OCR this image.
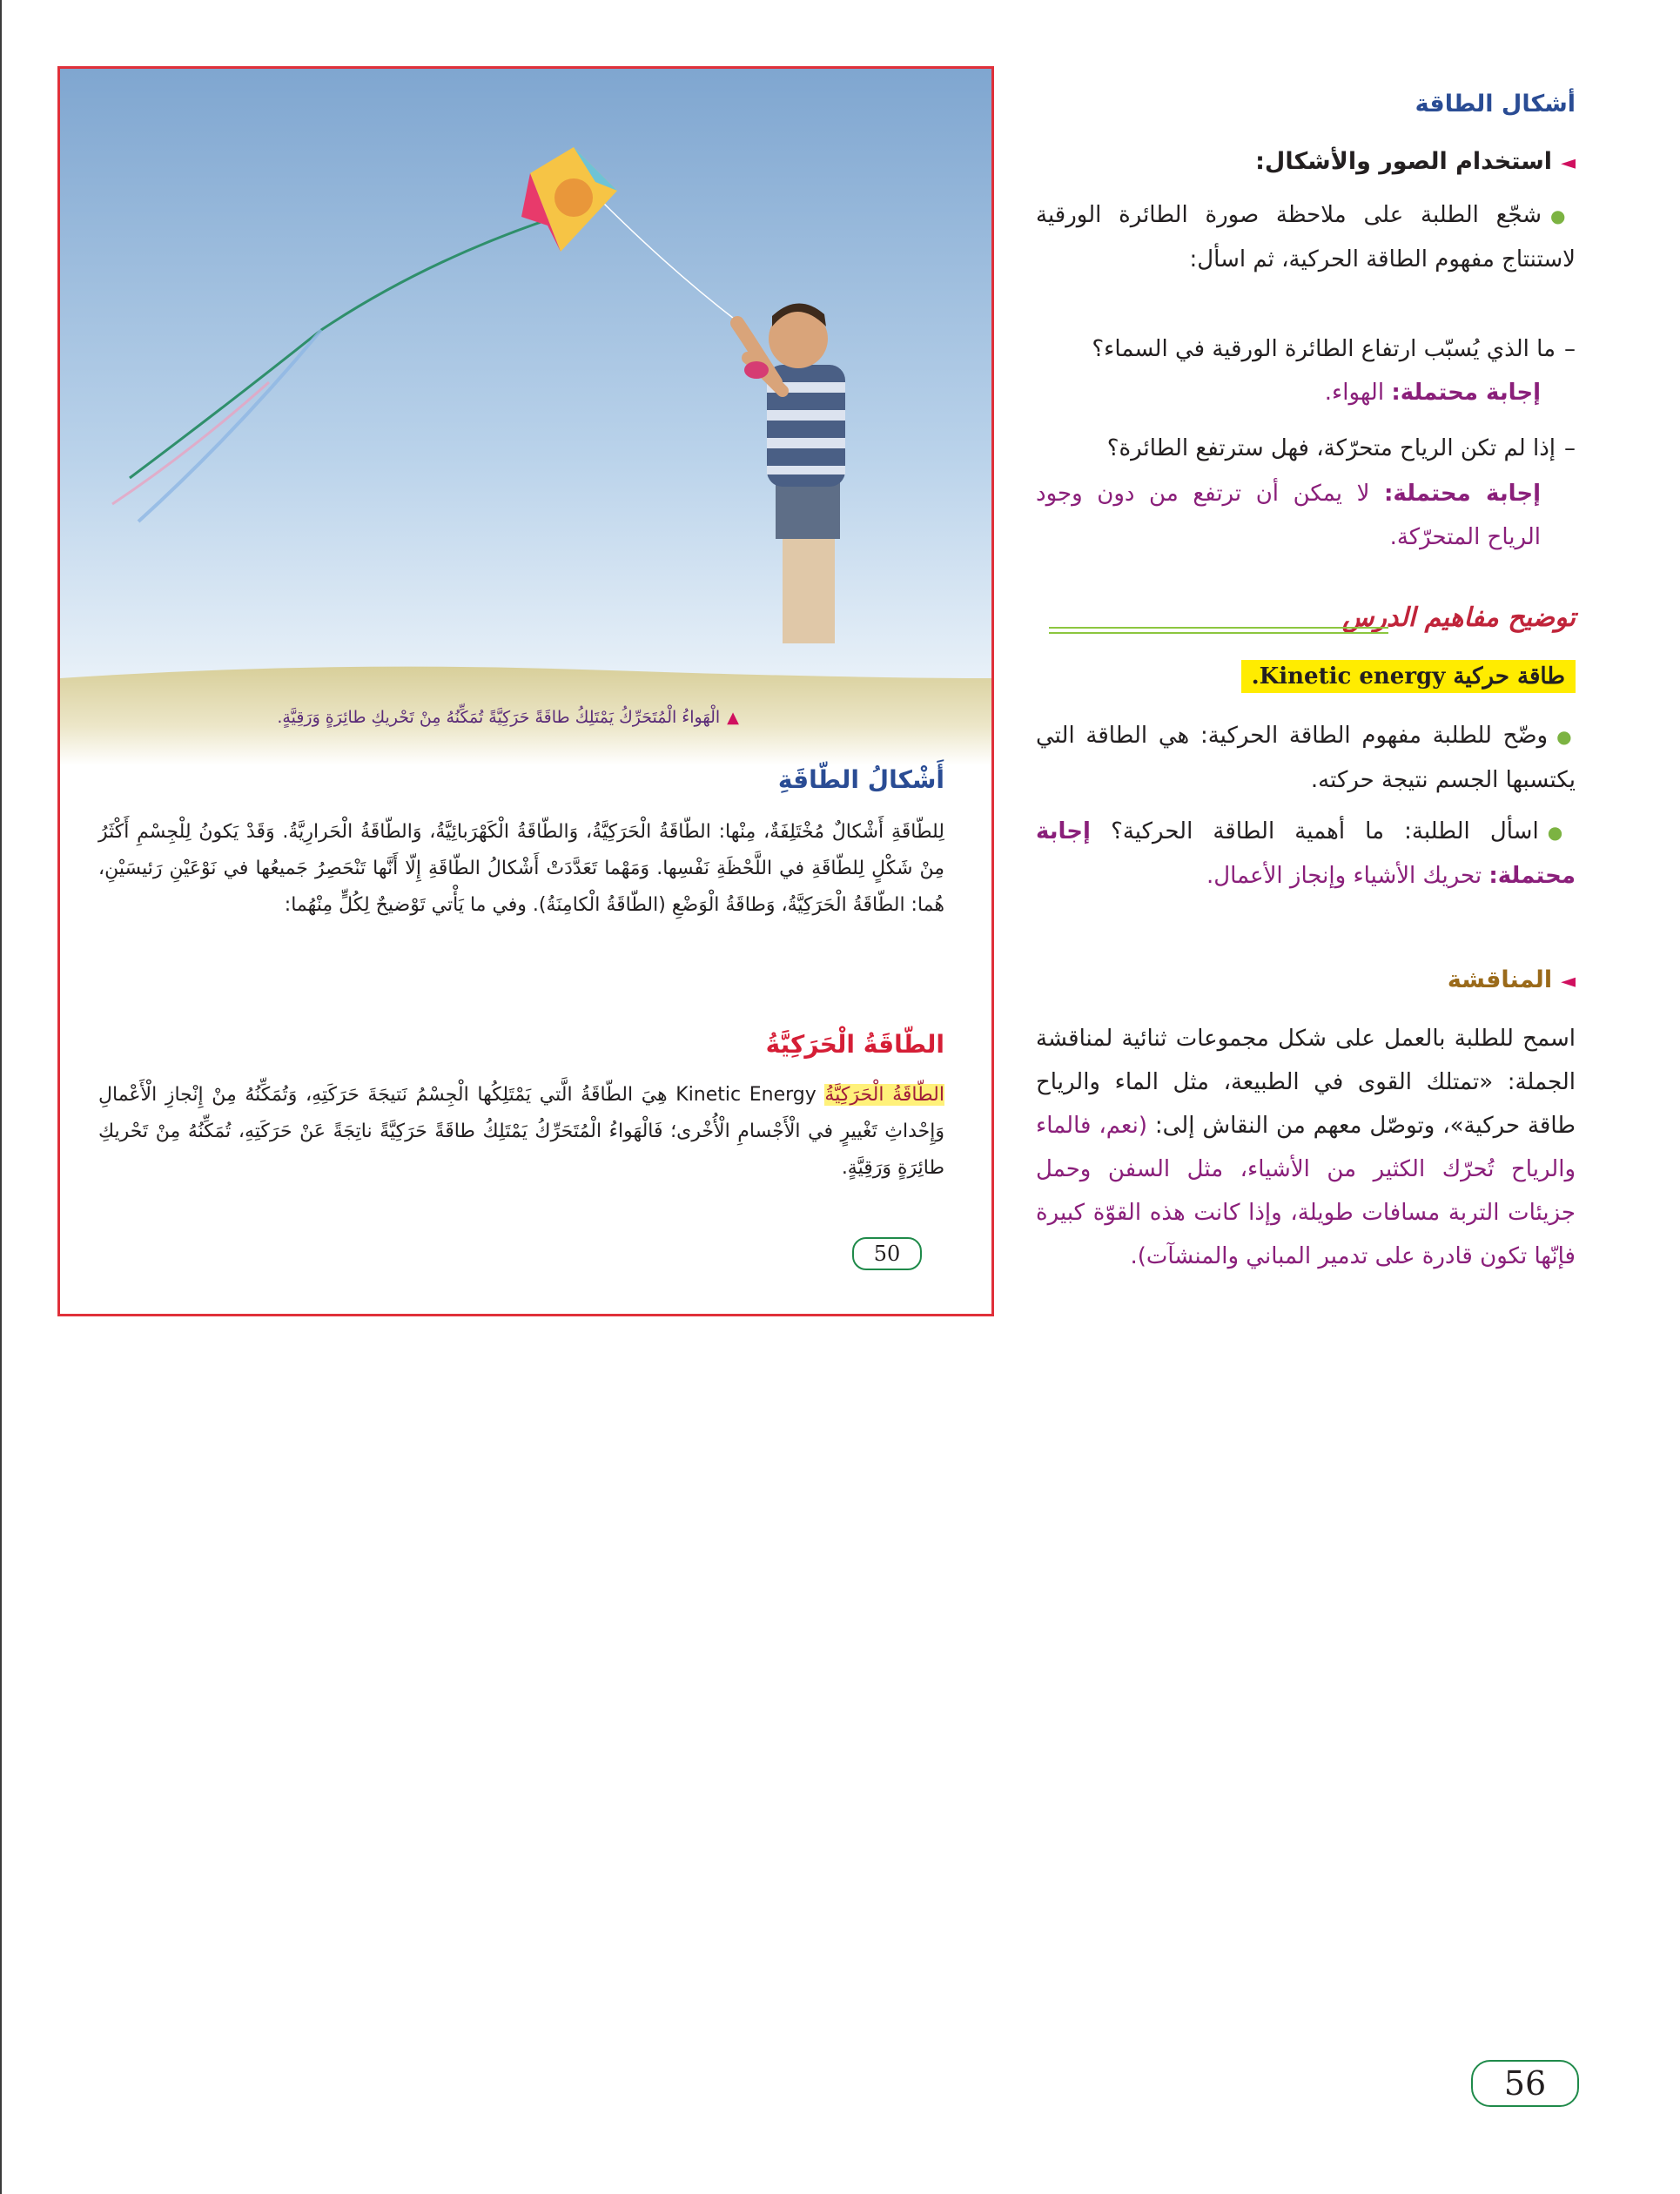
▲الْهَواءُ الْمُتَحَرِّكُ يَمْتَلِكُ طاقَةً حَرَكِيَّةً تُمَكِّنُهُ مِنْ تَحْريكِ طائِرَةٍ وَرَقِيَّةٍ.
أَشْكالُ الطّاقَةِ
لِلطّاقَةِ أَشْكالٌ مُخْتَلِفَةٌ، مِنْها: الطّاقَةُ الْحَرَكِيَّةُ، وَالطّاقَةُ الْكَهْرَبائِيَّةُ، وَالطّاقَةُ الْحَرارِيَّةُ. وَقَدْ يَكونُ لِلْجِسْمِ أَكْثَرُ مِنْ شَكْلٍ لِلطّاقَةِ في اللَّحْظَةِ نَفْسِها. وَمَهْما تَعَدَّدَتْ أَشْكالُ الطّاقَةِ إِلّا أَنَّها تَنْحَصِرُ جَميعُها في نَوْعَيْنِ رَئيسَيْنِ، هُما: الطّاقَةُ الْحَرَكِيَّةُ، وَطاقَةُ الْوَضْعِ (الطّاقَةُ الْكامِنَةُ). وفي ما يَأْتي تَوْضيحٌ لِكُلٍّ مِنْهُما:
الطّاقَةُ الْحَرَكِيَّةُ
الطّاقَةُ الْحَرَكِيَّةُ Kinetic Energy هِيَ الطّاقَةُ الَّتي يَمْتَلِكُها الْجِسْمُ نَتيجَةَ حَرَكَتِهِ، وَتُمَكِّنُهُ مِنْ إِنْجازِ الْأَعْمالِ وَإِحْداثِ تَغْييرٍ في الْأَجْسامِ الْأُخْرى؛ فَالْهَواءُ الْمُتَحَرِّكُ يَمْتَلِكُ طاقَةً حَرَكِيَّةً ناتِجَةً عَنْ حَرَكَتِهِ، تُمَكِّنُهُ مِنْ تَحْريكِ طائِرَةٍ وَرَقِيَّةٍ.
50
أشكال الطاقة
◄استخدام الصور والأشكال:
●شجّع الطلبة على ملاحظة صورة الطائرة الورقية لاستنتاج مفهوم الطاقة الحركية، ثم اسأل:
–ما الذي يُسبّب ارتفاع الطائرة الورقية في السماء؟
إجابة محتملة: الهواء.
–إذا لم تكن الرياح متحرّكة، فهل سترتفع الطائرة؟
إجابة محتملة: لا يمكن أن ترتفع من دون وجود الرياح المتحرّكة.
توضيح مفاهيم الدرس
طاقة حركية Kinetic energy.
●وضّح للطلبة مفهوم الطاقة الحركية: هي الطاقة التي يكتسبها الجسم نتيجة حركته.
●اسأل الطلبة: ما أهمية الطاقة الحركية؟ إجابة محتملة: تحريك الأشياء وإنجاز الأعمال.
◄المناقشة
اسمح للطلبة بالعمل على شكل مجموعات ثنائية لمناقشة الجملة: «تمتلك القوى في الطبيعة، مثل الماء والرياح طاقة حركية»، وتوصّل معهم من النقاش إلى: (نعم، فالماء والرياح تُحرّك الكثير من الأشياء، مثل السفن وحمل جزيئات التربة مسافات طويلة، وإذا كانت هذه القوّة كبيرة فإنّها تكون قادرة على تدمير المباني والمنشآت).
56
